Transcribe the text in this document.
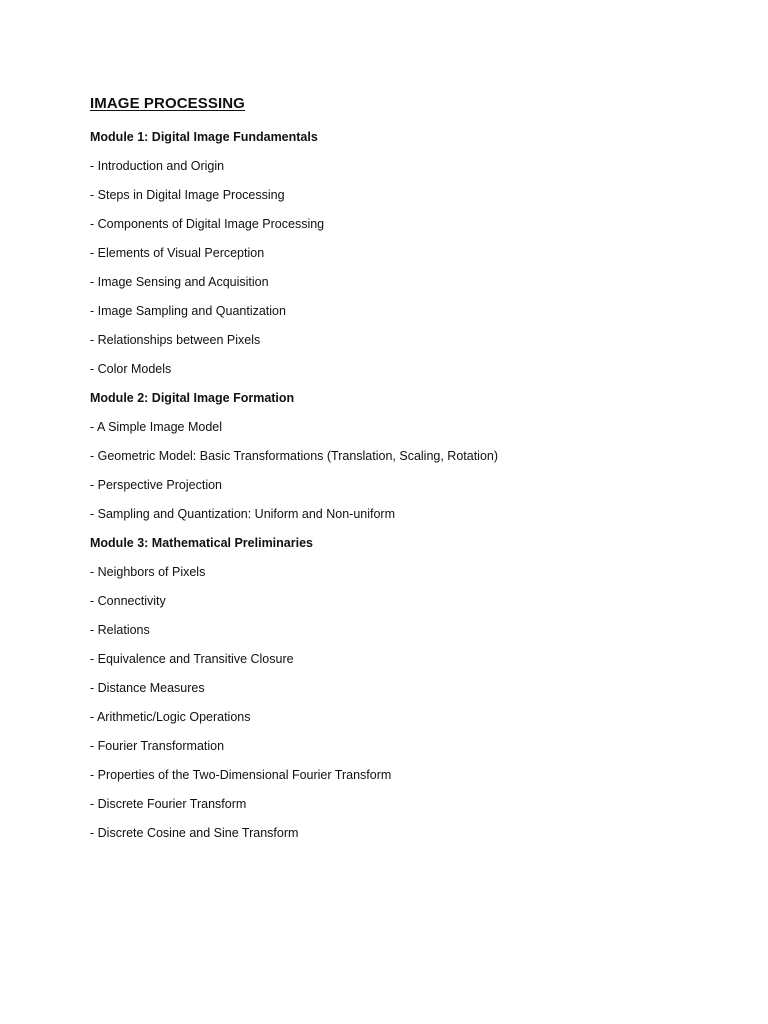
IMAGE PROCESSING
Module 1: Digital Image Fundamentals
- Introduction and Origin
- Steps in Digital Image Processing
- Components of Digital Image Processing
- Elements of Visual Perception
- Image Sensing and Acquisition
- Image Sampling and Quantization
- Relationships between Pixels
- Color Models
Module 2: Digital Image Formation
- A Simple Image Model
- Geometric Model: Basic Transformations (Translation, Scaling, Rotation)
- Perspective Projection
- Sampling and Quantization: Uniform and Non-uniform
Module 3: Mathematical Preliminaries
- Neighbors of Pixels
- Connectivity
- Relations
- Equivalence and Transitive Closure
- Distance Measures
- Arithmetic/Logic Operations
- Fourier Transformation
- Properties of the Two-Dimensional Fourier Transform
- Discrete Fourier Transform
- Discrete Cosine and Sine Transform
